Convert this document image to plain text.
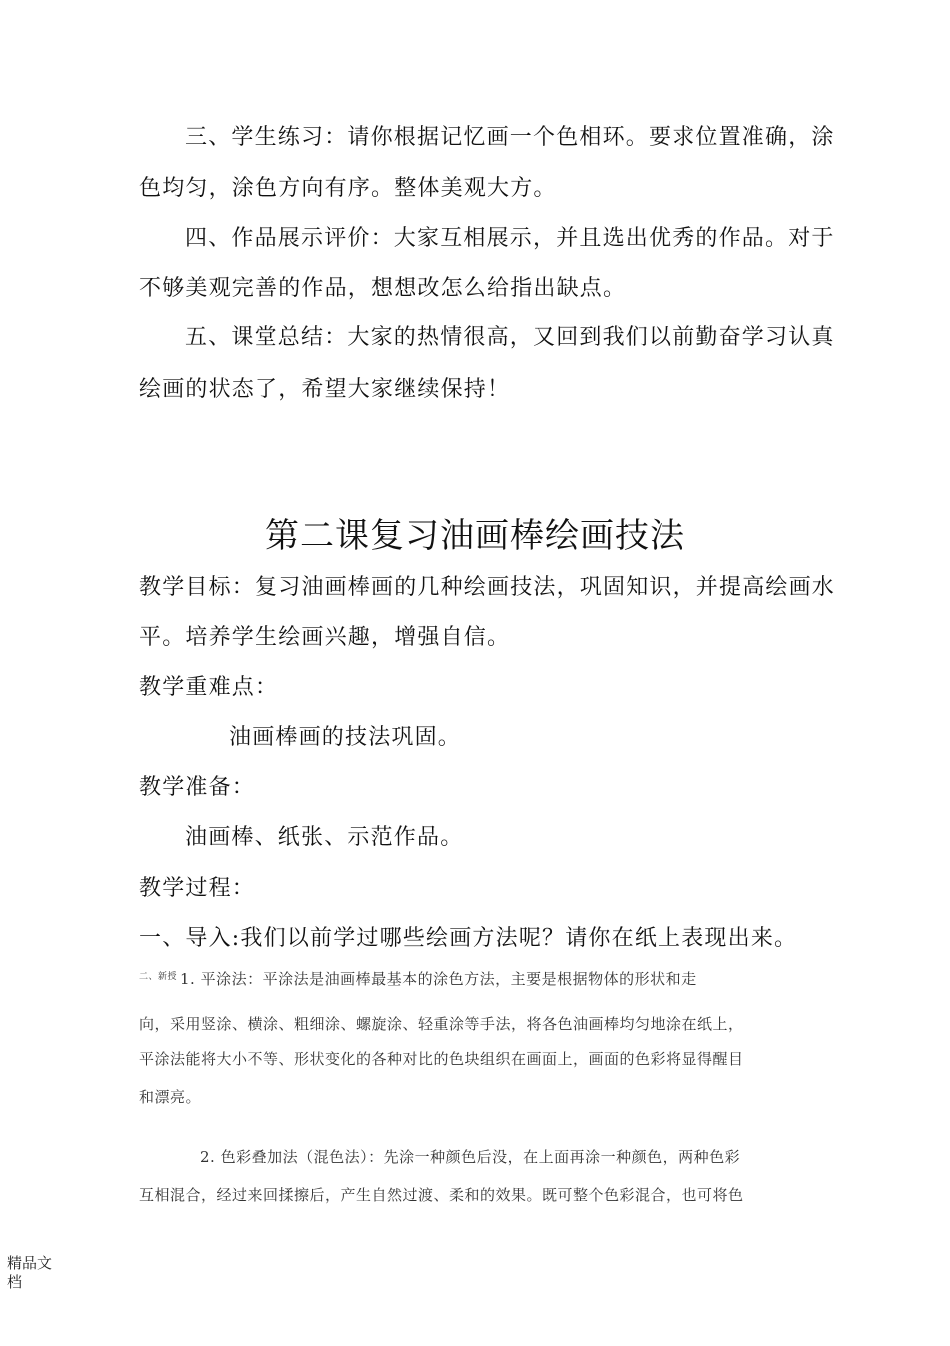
三、学生练习：请你根据记忆画一个色相环。要求位置准确，涂
色均匀，涂色方向有序。整体美观大方。
四、作品展示评价：大家互相展示，并且选出优秀的作品。对于
不够美观完善的作品，想想改怎么给指出缺点。
五、课堂总结：大家的热情很高，又回到我们以前勤奋学习认真
绘画的状态了，希望大家继续保持！
第二课复习油画棒绘画技法
教学目标：复习油画棒画的几种绘画技法，巩固知识，并提高绘画水
平。培养学生绘画兴趣，增强自信。
教学重难点：
油画棒画的技法巩固。
教学准备：
油画棒、纸张、示范作品。
教学过程：
一、导入:我们以前学过哪些绘画方法呢？请你在纸上表现出来。
$^{二、新授}$ 1. 平涂法：平涂法是油画棒最基本的涂色方法，主要是根据物体的形状和走
向，采用竖涂、横涂、粗细涂、螺旋涂、轻重涂等手法，将各色油画棒均匀地涂在纸上，
平涂法能将大小不等、形状变化的各种对比的色块组织在画面上，画面的色彩将显得醒目
和漂亮。
2. 色彩叠加法（混色法）：先涂一种颜色后没，在上面再涂一种颜色，两种色彩
互相混合，经过来回揉擦后，产生自然过渡、柔和的效果。既可整个色彩混合，也可将色
精品文
档
